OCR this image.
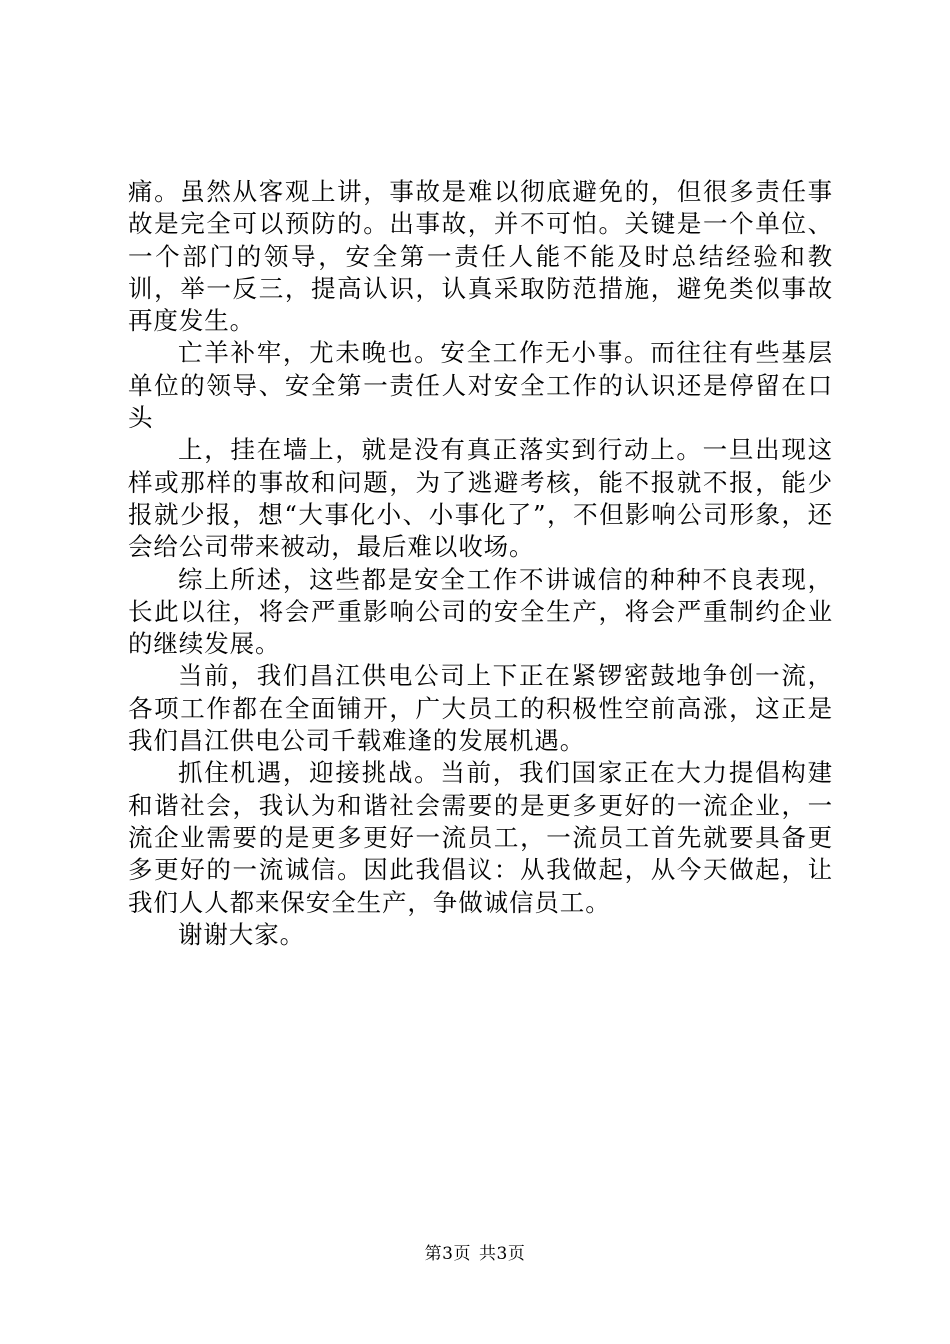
痛。虽然从客观上讲，事故是难以彻底避免的，但很多责任事故是完全可以预防的。出事故，并不可怕。关键是一个单位、一个部门的领导，安全第一责任人能不能及时总结经验和教训，举一反三，提高认识，认真采取防范措施，避免类似事故再度发生。

亡羊补牢，尤未晚也。安全工作无小事。而往往有些基层单位的领导、安全第一责任人对安全工作的认识还是停留在口头

上，挂在墙上，就是没有真正落实到行动上。一旦出现这样或那样的事故和问题，为了逃避考核，能不报就不报，能少报就少报，想“大事化小、小事化了”，不但影响公司形象，还会给公司带来被动，最后难以收场。

综上所述，这些都是安全工作不讲诚信的种种不良表现，长此以往，将会严重影响公司的安全生产，将会严重制约企业的继续发展。

当前，我们昌江供电公司上下正在紧锣密鼓地争创一流，各项工作都在全面铺开，广大员工的积极性空前高涨，这正是我们昌江供电公司千载难逢的发展机遇。

抓住机遇，迎接挑战。当前，我们国家正在大力提倡构建和谐社会，我认为和谐社会需要的是更多更好的一流企业，一流企业需要的是更多更好一流员工，一流员工首先就要具备更多更好的一流诚信。因此我倡议：从我做起，从今天做起，让我们人人都来保安全生产，争做诚信员工。

谢谢大家。

第3页 共3页
